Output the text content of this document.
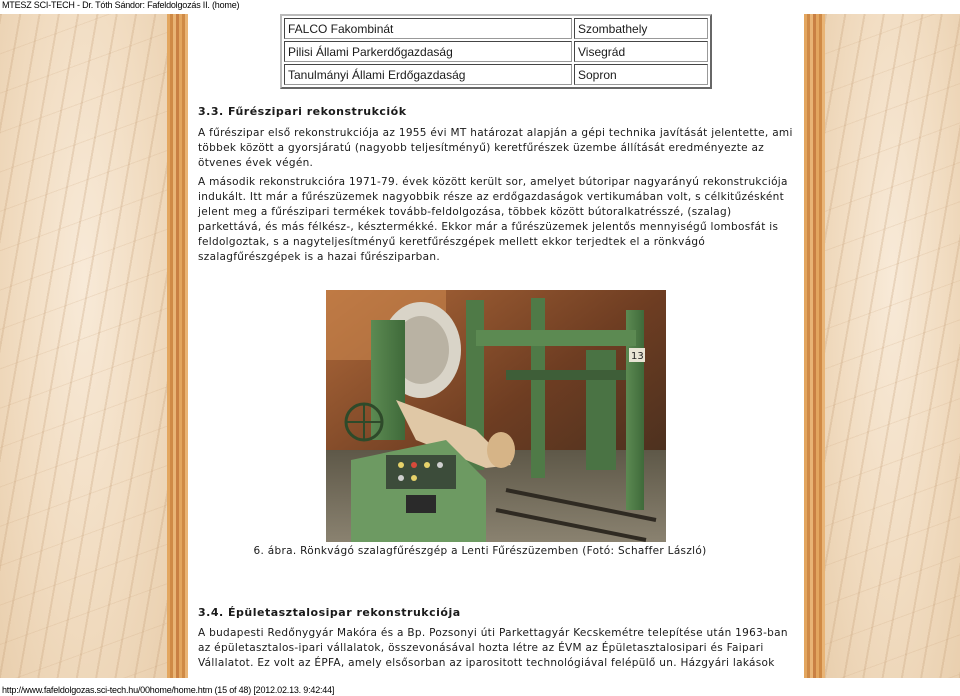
MTESZ SCI-TECH - Dr. Tóth Sándor: Fafeldolgozás II. (home)
FALCO Fakombinát	Szombathely
Pilisi Állami Parkerdőgazdaság	Visegrád
Tanulmányi Állami Erdőgazdaság	Sopron
3.3. Fűrészipari rekonstrukciók

A fűrészipar első rekonstrukciója az 1955 évi MT határozat alapján a gépi technika javítását jelentette, ami többek között a gyorsjáratú (nagyobb teljesítményű) keretfűrészek üzembe állítását eredményezte az ötvenes évek végén.

A második rekonstrukcióra 1971-79. évek között került sor, amelyet bútoripar nagyarányú rekonstrukciója indukált. Itt már a fűrészüzemek nagyobbik része az erdőgazdaságok vertikumában volt, s célkitűzésként jelent meg a fűrészipari termékek tovább-feldolgozása, többek között bútoralkatrésszé, (szalag) parkettává, és más félkész-, késztermékké. Ekkor már a fűrészüzemek jelentős mennyiségű lombosfát is feldolgoztak, s a nagyteljesítményű keretfűrészgépek mellett ekkor terjedtek el a rönkvágó szalagfűrészgépek is a hazai fűrésziparban.

3.4. Épületasztalosipar rekonstrukciója

A budapesti Redőnygyár Makóra és a Bp. Pozsonyi úti Parkettagyár Kecskemétre telepítése után 1963-ban az épületasztalos-ipari vállalatok, összevonásával hozta létre az ÉVM az Épületasztalosipari és Faipari Vállalatot. Ez volt az ÉPFA, amely elsősorban az iparositott technológiával felépülő un. Házgyári lakások

13
6. ábra. Rönkvágó szalagfűrészgép a Lenti Fűrészüzemben (Fotó: Schaffer László)
http://www.fafeldolgozas.sci-tech.hu/00home/home.htm (15 of 48) [2012.02.13. 9:42:44]
